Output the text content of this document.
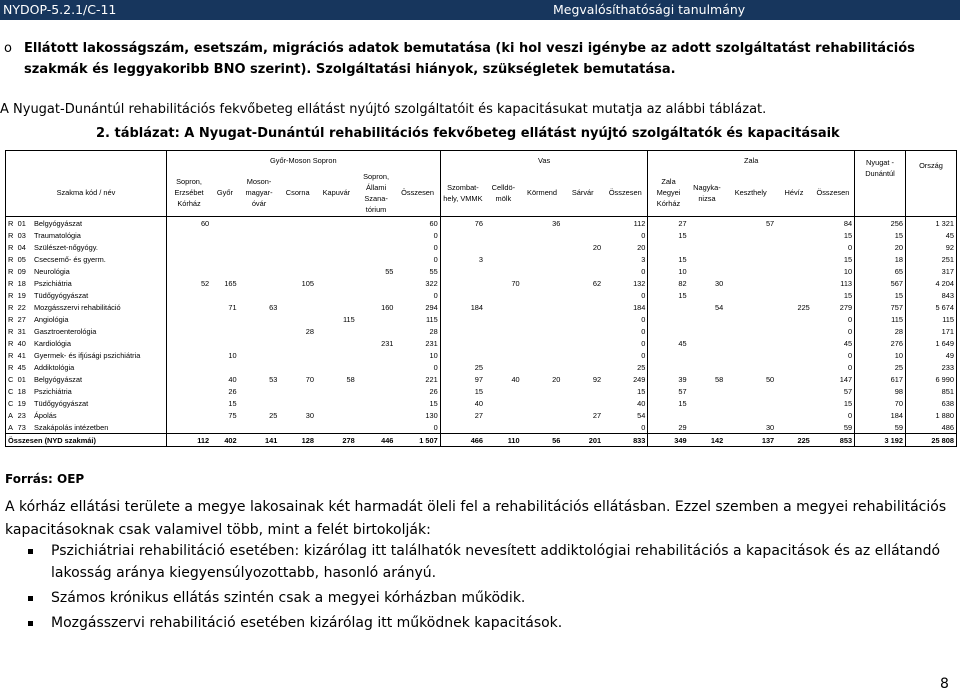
NYDOP-5.2.1/C-11	Megvalósíthatósági tanulmány
o Ellátott lakosságszám, esetszám, migrációs adatok bemutatása (ki hol veszi igénybe az adott szolgáltatást rehabilitációs szakmák és leggyakoribb BNO szerint). Szolgáltatási hiányok, szükségletek bemutatása.
A Nyugat-Dunántúl rehabilitációs fekvőbeteg ellátást nyújtó szolgáltatóit és kapacitásukat mutatja az alábbi táblázat.
2. táblázat: A Nyugat-Dunántúl rehabilitációs fekvőbeteg ellátást nyújtó szolgáltatók és kapacitásaik
			Győr-Moson Sopron							Vas					Zala					Nyugat - Dunántúl	Ország
Szakma kód / név			Sopron, Erzsébet Kórház	Győr	Moson-magyar-óvár	Csorna	Kapuvár	Sopron, Állami Szana-tórium	Összesen	Szombat-hely, VMMK	Celldö-mölk	Körmend	Sárvár	Összesen	Zala Megyei Kórház	Nagyka-nizsa	Keszthely	Hévíz	Összesen		
R	01	Belgyógyászat	60						60	76		36		112	27		57		84	256	1 321
R	03	Traumatológia							0					0	15				15	15	45
R	04	Szülészet-nőgyógy.							0				20	20					0	20	92
R	05	Csecsemő- és gyerm.							0	3				3	15				15	18	251
R	09	Neurológia						55	55					0	10				10	65	317
R	18	Pszichiátria	52	165		105			322		70		62	132	82	30			113	567	4 204
R	19	Tüdőgyógyászat							0					0	15				15	15	843
R	22	Mozgásszervi rehabilitáció		71	63			160	294	184				184		54		225	279	757	5 674
R	27	Angiológia					115		115					0					0	115	115
R	31	Gasztroenterológia				28			28					0					0	28	171
R	40	Kardiológia						231	231					0	45				45	276	1 649
R	41	Gyermek- és ifjúsági pszichiátria		10					10					0					0	10	49
R	45	Addiktológia							0	25				25					0	25	233
C	01	Belgyógyászat		40	53	70	58		221	97	40	20	92	249	39	58	50		147	617	6 990
C	18	Pszichiátria		26					26	15				15	57				57	98	851
C	19	Tüdőgyógyászat		15					15	40				40	15				15	70	638
A	23	Ápolás		75	25	30			130	27			27	54					0	184	1 880
A	73	Szakápolás intézetben							0					0	29		30		59	59	486
Összesen (NYD szakmái)			112	402	141	128	278	446	1 507	466	110	56	201	833	349	142	137	225	853	3 192	25 808
Forrás: OEP
A kórház ellátási területe a megye lakosainak két harmadát öleli fel a rehabilitációs ellátásban. Ezzel szemben a megyei rehabilitációs kapacitásoknak csak valamivel több, mint a felét birtokolják:
Pszichiátriai rehabilitáció esetében: kizárólag itt találhatók nevesített addiktológiai rehabilitációs a kapacitások és az ellátandó lakosság aránya kiegyensúlyozottabb, hasonló arányú.
Számos krónikus ellátás szintén csak a megyei kórházban működik.
Mozgásszervi rehabilitáció esetében kizárólag itt működnek kapacitások.
8
